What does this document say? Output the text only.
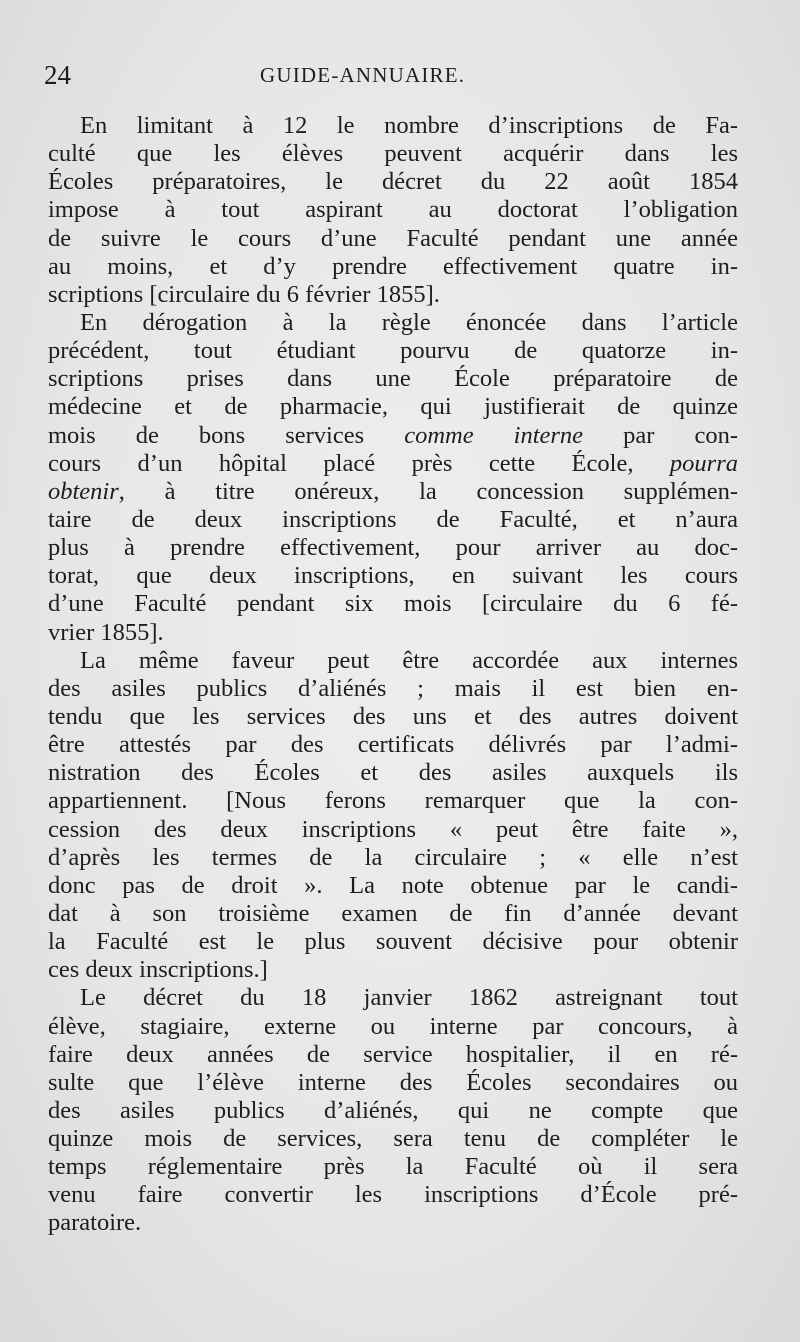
24	GUIDE-ANNUAIRE.
En limitant à 12 le nombre d’inscriptions de Fa-
culté que les élèves peuvent acquérir dans les
Écoles préparatoires, le décret du 22 août 1854
impose à tout aspirant au doctorat l’obligation
de suivre le cours d’une Faculté pendant une année
au moins, et d’y prendre effectivement quatre in-
scriptions [circulaire du 6 février 1855].
En dérogation à la règle énoncée dans l’article
précédent, tout étudiant pourvu de quatorze in-
scriptions prises dans une École préparatoire de
médecine et de pharmacie, qui justifierait de quinze
mois de bons services comme interne par con-
cours d’un hôpital placé près cette École, pourra
obtenir, à titre onéreux, la concession supplémen-
taire de deux inscriptions de Faculté, et n’aura
plus à prendre effectivement, pour arriver au doc-
torat, que deux inscriptions, en suivant les cours
d’une Faculté pendant six mois [circulaire du 6 fé-
vrier 1855].
La même faveur peut être accordée aux internes
des asiles publics d’aliénés ; mais il est bien en-
tendu que les services des uns et des autres doivent
être attestés par des certificats délivrés par l’admi-
nistration des Écoles et des asiles auxquels ils
appartiennent. [Nous ferons remarquer que la con-
cession des deux inscriptions « peut être faite »,
d’après les termes de la circulaire ; « elle n’est
donc pas de droit ». La note obtenue par le candi-
dat à son troisième examen de fin d’année devant
la Faculté est le plus souvent décisive pour obtenir
ces deux inscriptions.]
Le décret du 18 janvier 1862 astreignant tout
élève, stagiaire, externe ou interne par concours, à
faire deux années de service hospitalier, il en ré-
sulte que l’élève interne des Écoles secondaires ou
des asiles publics d’aliénés, qui ne compte que
quinze mois de services, sera tenu de compléter le
temps réglementaire près la Faculté où il sera
venu faire convertir les inscriptions d’École pré-
paratoire.
